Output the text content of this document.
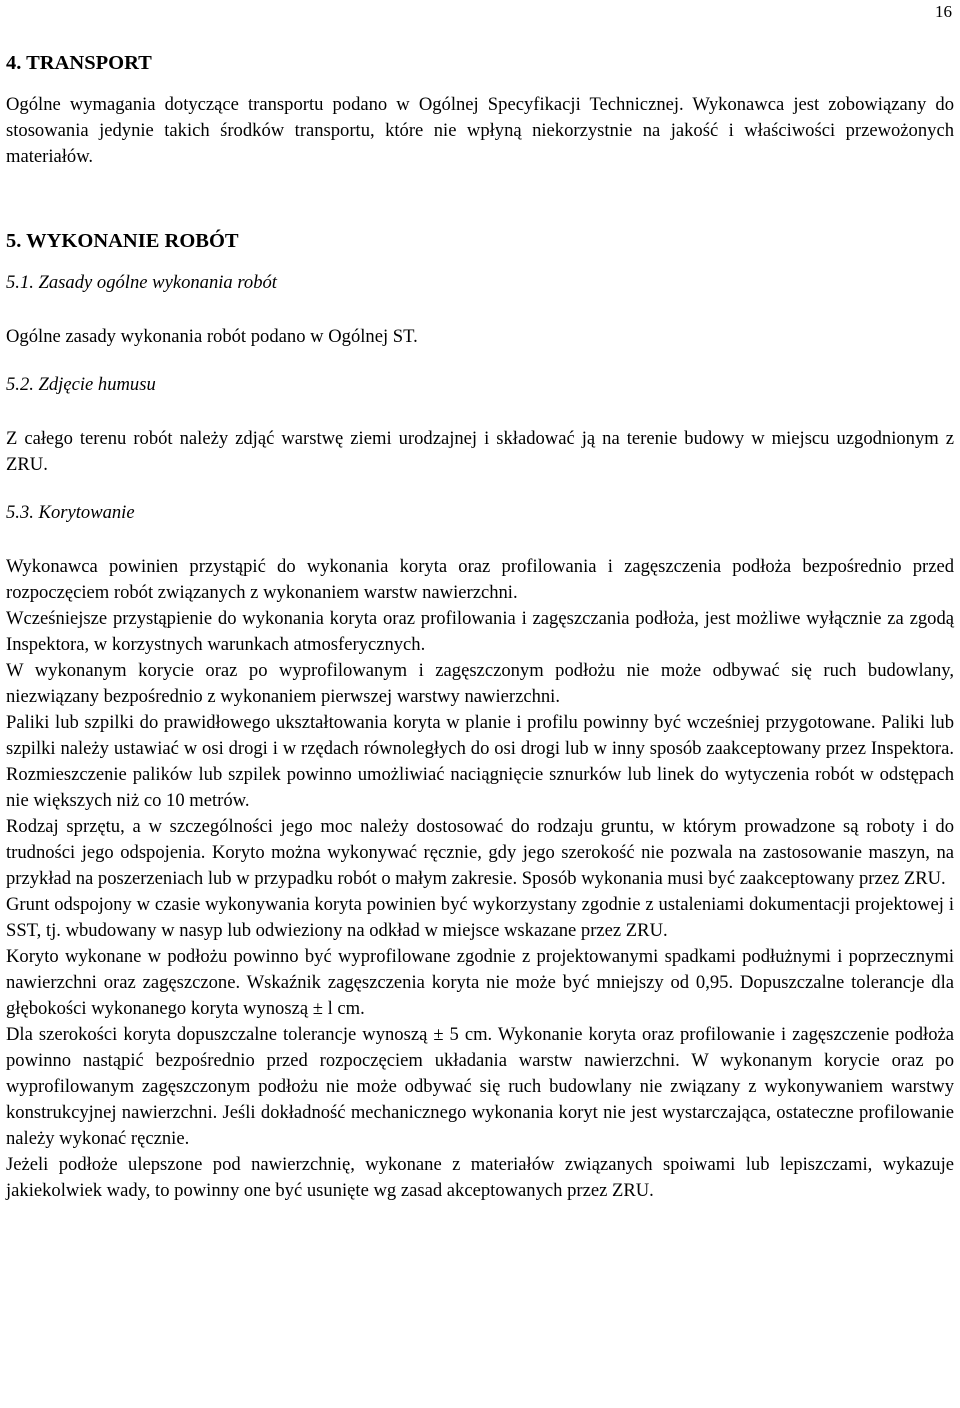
16
4. TRANSPORT

Ogólne wymagania dotyczące transportu podano w Ogólnej Specyfikacji Technicznej. Wykonawca jest zobowiązany do stosowania jedynie takich środków transportu, które nie wpłyną niekorzystnie na jakość i właściwości przewożonych materiałów.

5. WYKONANIE ROBÓT
5.1. Zasady ogólne wykonania robót

Ogólne zasady wykonania robót podano w Ogólnej ST.

5.2. Zdjęcie humusu

Z całego terenu robót należy zdjąć warstwę ziemi urodzajnej i składować ją na terenie budowy w miejscu uzgodnionym z ZRU.

5.3. Korytowanie

Wykonawca powinien przystąpić do wykonania koryta oraz profilowania i zagęszczenia podłoża bezpośrednio przed rozpoczęciem robót związanych z wykonaniem warstw nawierzchni.

Wcześniejsze przystąpienie do wykonania koryta oraz profilowania i zagęszczania podłoża, jest możliwe wyłącznie za zgodą Inspektora, w korzystnych warunkach atmosferycznych.

W wykonanym korycie oraz po wyprofilowanym i zagęszczonym podłożu nie może odbywać się ruch budowlany, niezwiązany bezpośrednio z wykonaniem pierwszej warstwy nawierzchni.

Paliki lub szpilki do prawidłowego ukształtowania koryta w planie i profilu powinny być wcześniej przygotowane. Paliki lub szpilki należy ustawiać w osi drogi i w rzędach równoległych do osi drogi lub w inny sposób zaakceptowany przez Inspektora. Rozmieszczenie palików lub szpilek powinno umożliwiać naciągnięcie sznurków lub linek do wytyczenia robót w odstępach nie większych niż co 10 metrów.

Rodzaj sprzętu, a w szczególności jego moc należy dostosować do rodzaju gruntu, w którym prowadzone są roboty i do trudności jego odspojenia. Koryto można wykonywać ręcznie, gdy jego szerokość nie pozwala na zastosowanie maszyn, na przykład na poszerzeniach lub w przypadku robót o małym zakresie. Sposób wykonania musi być zaakceptowany przez ZRU.

Grunt odspojony w czasie wykonywania koryta powinien być wykorzystany zgodnie z ustaleniami dokumentacji projektowej i SST, tj. wbudowany w nasyp lub odwieziony na odkład w miejsce wskazane przez ZRU.

Koryto wykonane w podłożu powinno być wyprofilowane zgodnie z projektowanymi spadkami podłużnymi i poprzecznymi nawierzchni oraz zagęszczone. Wskaźnik zagęszczenia koryta nie może być mniejszy od 0,95. Dopuszczalne tolerancje dla głębokości wykonanego koryta wynoszą ± l cm.

Dla szerokości koryta dopuszczalne tolerancje wynoszą ± 5 cm. Wykonanie koryta oraz profilowanie i zagęszczenie podłoża powinno nastąpić bezpośrednio przed rozpoczęciem układania warstw nawierzchni. W wykonanym korycie oraz po wyprofilowanym zagęszczonym podłożu nie może odbywać się ruch budowlany nie związany z wykonywaniem warstwy konstrukcyjnej nawierzchni. Jeśli dokładność mechanicznego wykonania koryt nie jest wystarczająca, ostateczne profilowanie należy wykonać ręcznie.

Jeżeli podłoże ulepszone pod nawierzchnię, wykonane z materiałów związanych spoiwami lub lepiszczami, wykazuje jakiekolwiek wady, to powinny one być usunięte wg zasad akceptowanych przez ZRU.
